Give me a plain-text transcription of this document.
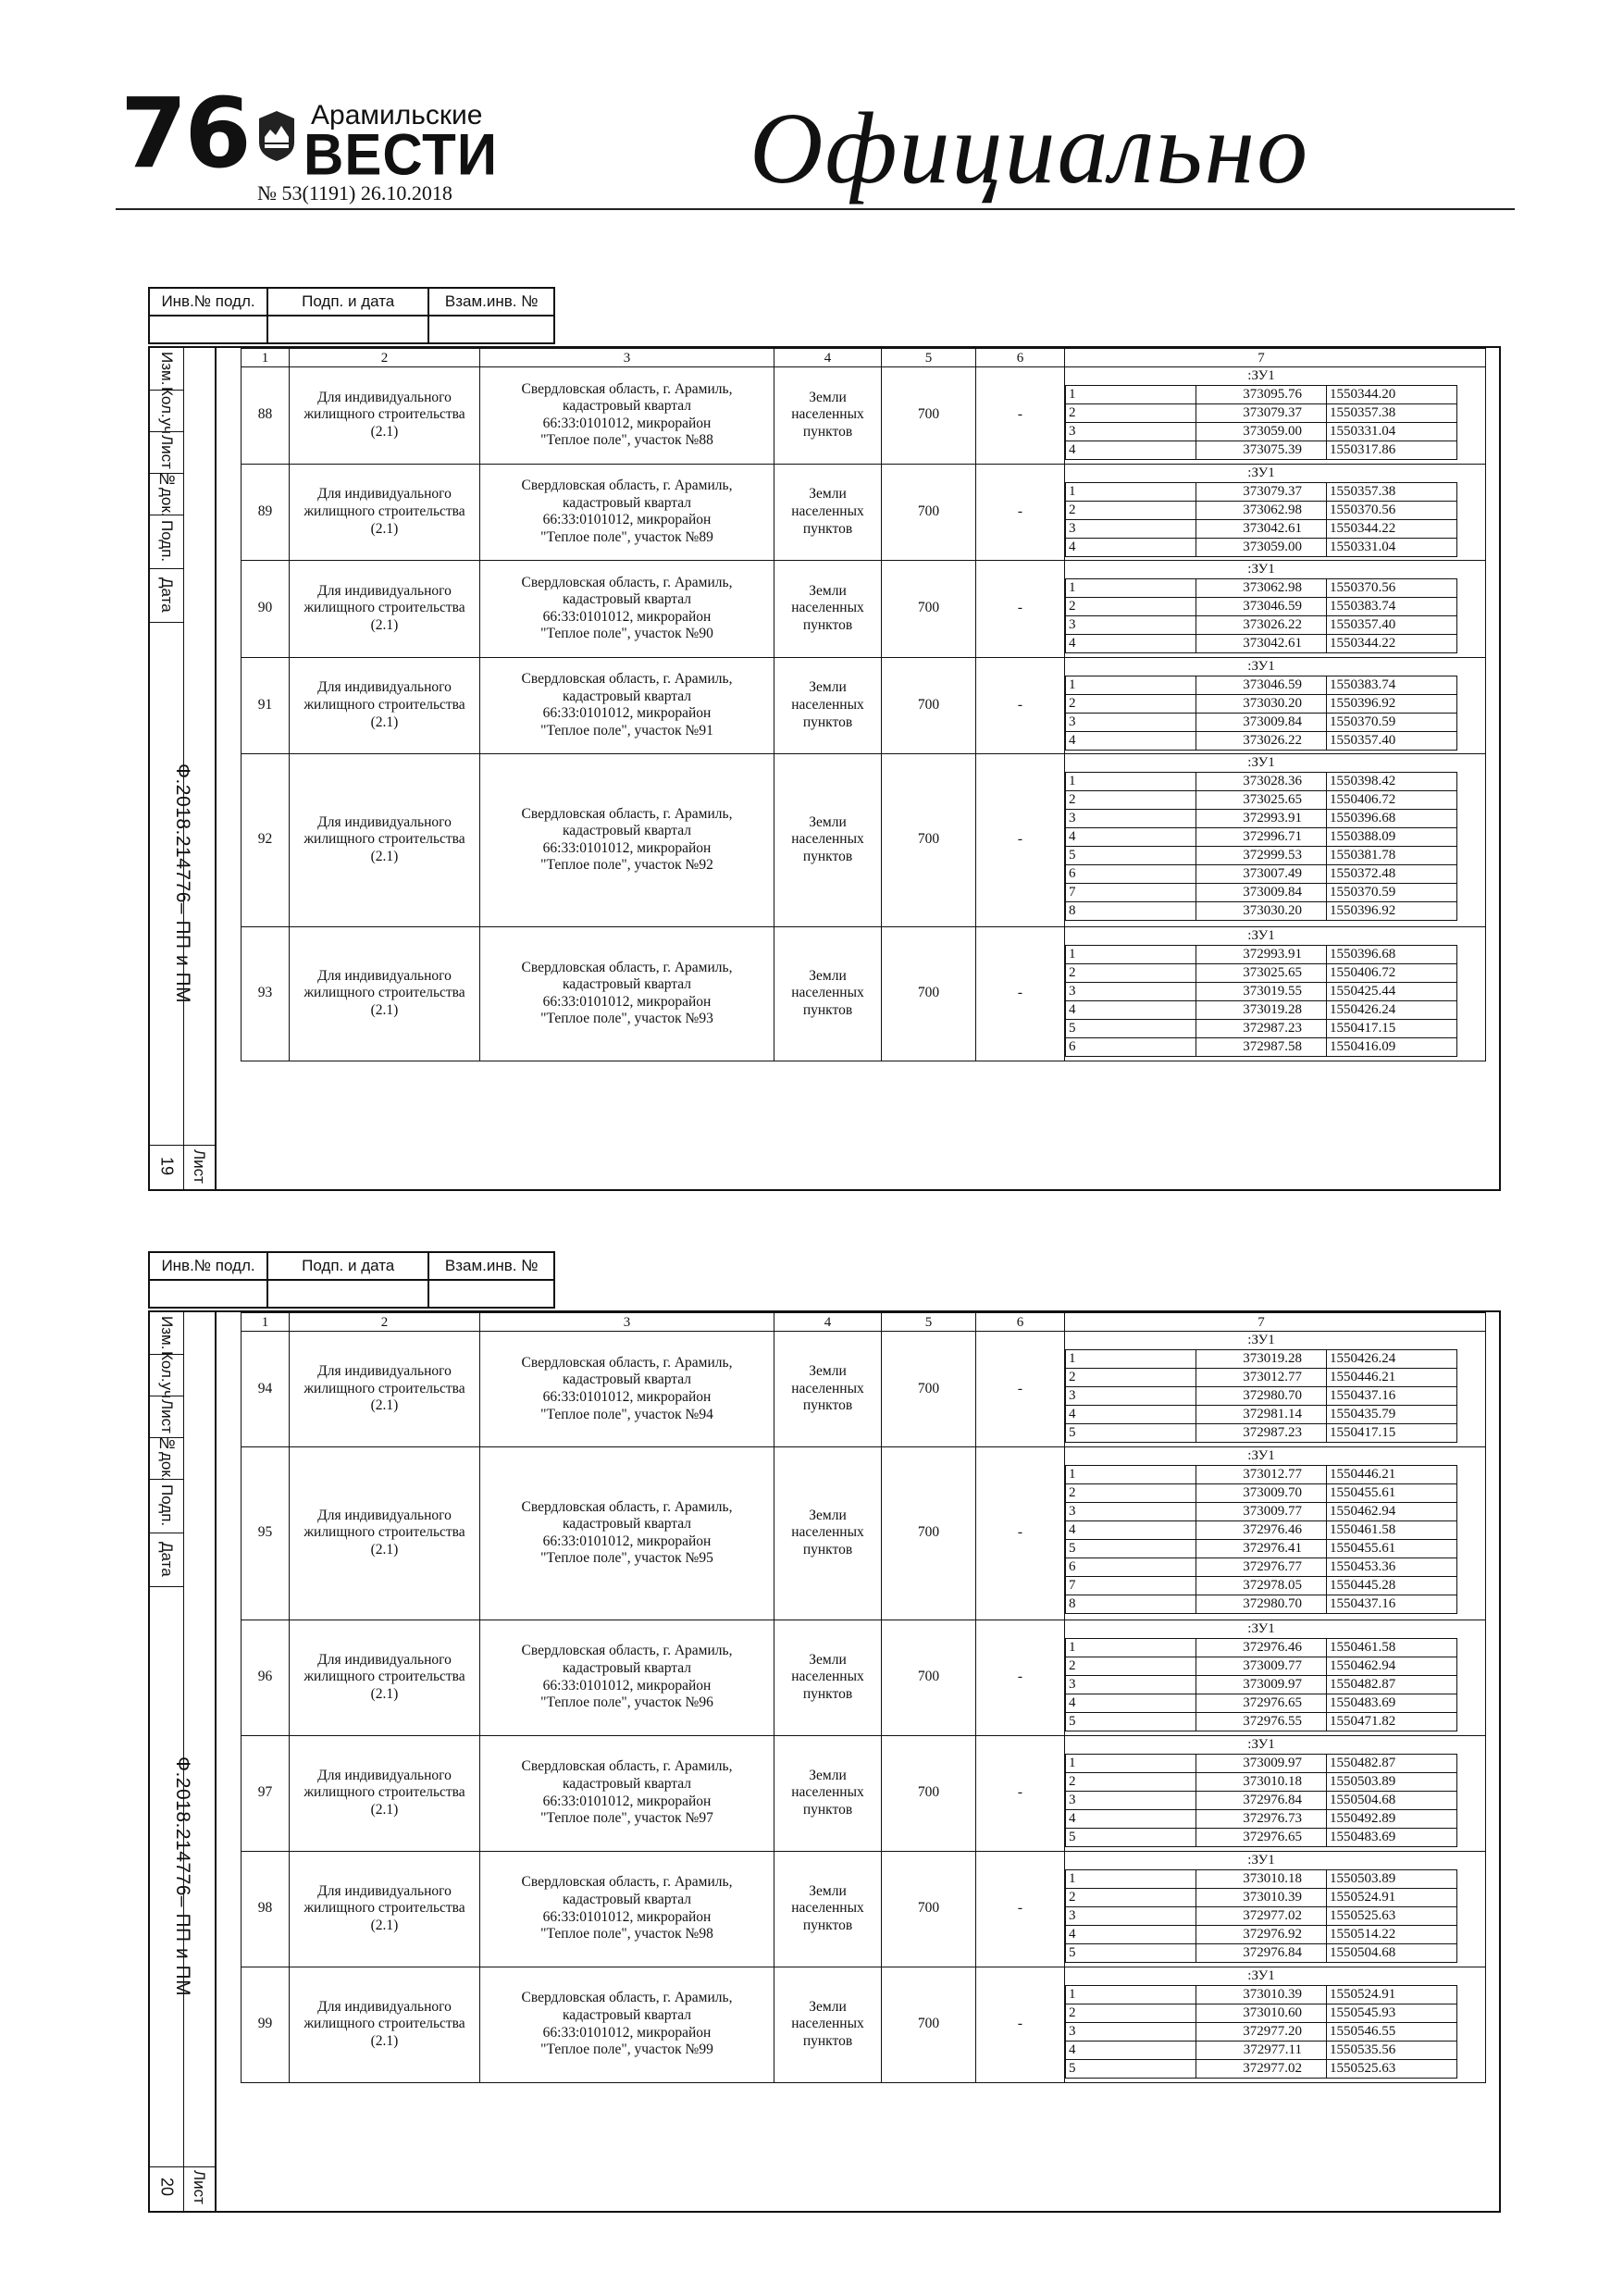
76 Арамильские
ВЕСТИ
№ 53(1191) 26.10.2018	Официально
Инв.№ подл.	Подп. и дата	Взам.инв. №

Изм.
Кол.уч
Лист
№док.
Подп.
Дата
Ф.2018.214776– ПП и ПМ
Лист
19
1	2	3	4	5	6	7
88	Для индивидуального жилищного строительства (2.1)	
Свердловская область, г. Арамиль,
кадастровый квартал
66:33:0101012, микрорайон
"Теплое поле", участок №88
	Земли населенных пунктов	700	-	
:ЗУ1
1	373095.76	1550344.20
2	373079.37	1550357.38
3	373059.00	1550331.04
4	373075.39	1550317.86

89	Для индивидуального жилищного строительства (2.1)	
Свердловская область, г. Арамиль,
кадастровый квартал
66:33:0101012, микрорайон
"Теплое поле", участок №89
	Земли населенных пунктов	700	-	
:ЗУ1
1	373079.37	1550357.38
2	373062.98	1550370.56
3	373042.61	1550344.22
4	373059.00	1550331.04

90	Для индивидуального жилищного строительства (2.1)	
Свердловская область, г. Арамиль,
кадастровый квартал
66:33:0101012, микрорайон
"Теплое поле", участок №90
	Земли населенных пунктов	700	-	
:ЗУ1
1	373062.98	1550370.56
2	373046.59	1550383.74
3	373026.22	1550357.40
4	373042.61	1550344.22

91	Для индивидуального жилищного строительства (2.1)	
Свердловская область, г. Арамиль,
кадастровый квартал
66:33:0101012, микрорайон
"Теплое поле", участок №91
	Земли населенных пунктов	700	-	
:ЗУ1
1	373046.59	1550383.74
2	373030.20	1550396.92
3	373009.84	1550370.59
4	373026.22	1550357.40

92	Для индивидуального жилищного строительства (2.1)	
Свердловская область, г. Арамиль,
кадастровый квартал
66:33:0101012, микрорайон
"Теплое поле", участок №92
	Земли населенных пунктов	700	-	
:ЗУ1
1	373028.36	1550398.42
2	373025.65	1550406.72
3	372993.91	1550396.68
4	372996.71	1550388.09
5	372999.53	1550381.78
6	373007.49	1550372.48
7	373009.84	1550370.59
8	373030.20	1550396.92

93	Для индивидуального жилищного строительства (2.1)	
Свердловская область, г. Арамиль,
кадастровый квартал
66:33:0101012, микрорайон
"Теплое поле", участок №93
	Земли населенных пунктов	700	-	
:ЗУ1
1	372993.91	1550396.68
2	373025.65	1550406.72
3	373019.55	1550425.44
4	373019.28	1550426.24
5	372987.23	1550417.15
6	372987.58	1550416.09
Инв.№ подл.	Подп. и дата	Взам.инв. №

Изм.
Кол.уч
Лист
№док.
Подп.
Дата
Ф.2018.214776– ПП и ПМ
Лист
20
1	2	3	4	5	6	7
94	Для индивидуального жилищного строительства (2.1)	
Свердловская область, г. Арамиль,
кадастровый квартал
66:33:0101012, микрорайон
"Теплое поле", участок №94
	Земли населенных пунктов	700	-	
:ЗУ1
1	373019.28	1550426.24
2	373012.77	1550446.21
3	372980.70	1550437.16
4	372981.14	1550435.79
5	372987.23	1550417.15

95	Для индивидуального жилищного строительства (2.1)	
Свердловская область, г. Арамиль,
кадастровый квартал
66:33:0101012, микрорайон
"Теплое поле", участок №95
	Земли населенных пунктов	700	-	
:ЗУ1
1	373012.77	1550446.21
2	373009.70	1550455.61
3	373009.77	1550462.94
4	372976.46	1550461.58
5	372976.41	1550455.61
6	372976.77	1550453.36
7	372978.05	1550445.28
8	372980.70	1550437.16

96	Для индивидуального жилищного строительства (2.1)	
Свердловская область, г. Арамиль,
кадастровый квартал
66:33:0101012, микрорайон
"Теплое поле", участок №96
	Земли населенных пунктов	700	-	
:ЗУ1
1	372976.46	1550461.58
2	373009.77	1550462.94
3	373009.97	1550482.87
4	372976.65	1550483.69
5	372976.55	1550471.82

97	Для индивидуального жилищного строительства (2.1)	
Свердловская область, г. Арамиль,
кадастровый квартал
66:33:0101012, микрорайон
"Теплое поле", участок №97
	Земли населенных пунктов	700	-	
:ЗУ1
1	373009.97	1550482.87
2	373010.18	1550503.89
3	372976.84	1550504.68
4	372976.73	1550492.89
5	372976.65	1550483.69

98	Для индивидуального жилищного строительства (2.1)	
Свердловская область, г. Арамиль,
кадастровый квартал
66:33:0101012, микрорайон
"Теплое поле", участок №98
	Земли населенных пунктов	700	-	
:ЗУ1
1	373010.18	1550503.89
2	373010.39	1550524.91
3	372977.02	1550525.63
4	372976.92	1550514.22
5	372976.84	1550504.68

99	Для индивидуального жилищного строительства (2.1)	
Свердловская область, г. Арамиль,
кадастровый квартал
66:33:0101012, микрорайон
"Теплое поле", участок №99
	Земли населенных пунктов	700	-	
:ЗУ1
1	373010.39	1550524.91
2	373010.60	1550545.93
3	372977.20	1550546.55
4	372977.11	1550535.56
5	372977.02	1550525.63
